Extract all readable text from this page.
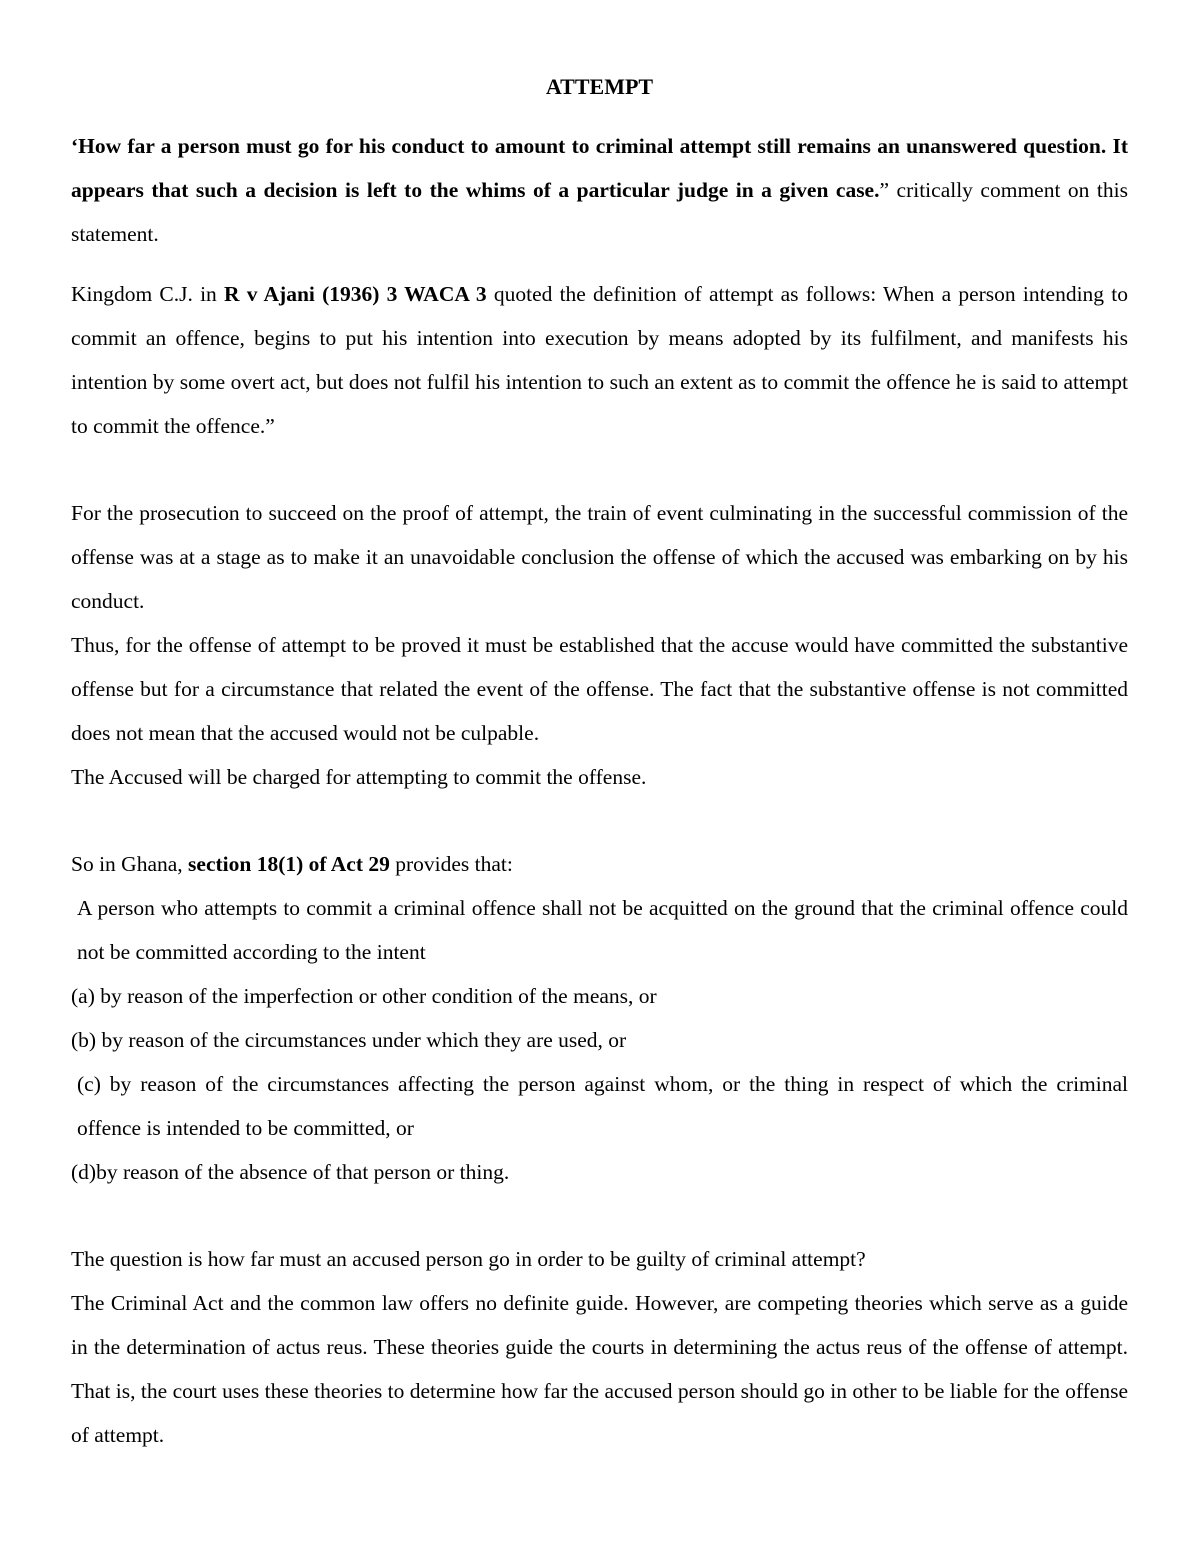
ATTEMPT

‘How far a person must go for his conduct to amount to criminal attempt still remains an unanswered question. It appears that such a decision is left to the whims of a particular judge in a given case.” critically comment on this statement.

Kingdom C.J. in R v Ajani (1936) 3 WACA 3 quoted the definition of attempt as follows: When a person intending to commit an offence, begins to put his intention into execution by means adopted by its fulfilment, and manifests his intention by some overt act, but does not fulfil his intention to such an extent as to commit the offence he is said to attempt to commit the offence.”

For the prosecution to succeed on the proof of attempt, the train of event culminating in the successful commission of the offense was at a stage as to make it an unavoidable conclusion the offense of which the accused was embarking on by his conduct.

Thus, for the offense of attempt to be proved it must be established that the accuse would have committed the substantive offense but for a circumstance that related the event of the offense. The fact that the substantive offense is not committed does not mean that the accused would not be culpable.

The Accused will be charged for attempting to commit the offense.

So in Ghana, section 18(1) of Act 29 provides that:

A person who attempts to commit a criminal offence shall not be acquitted on the ground that the criminal offence could not be committed according to the intent

(a) by reason of the imperfection or other condition of the means, or

(b) by reason of the circumstances under which they are used, or

(c) by reason of the circumstances affecting the person against whom, or the thing in respect of which the criminal offence is intended to be committed, or

(d)by reason of the absence of that person or thing.

The question is how far must an accused person go in order to be guilty of criminal attempt?

The Criminal Act and the common law offers no definite guide. However, are competing theories which serve as a guide in the determination of actus reus. These theories guide the courts in determining the actus reus of the offense of attempt. That is, the court uses these theories to determine how far the accused person should go in other to be liable for the offense of attempt.
